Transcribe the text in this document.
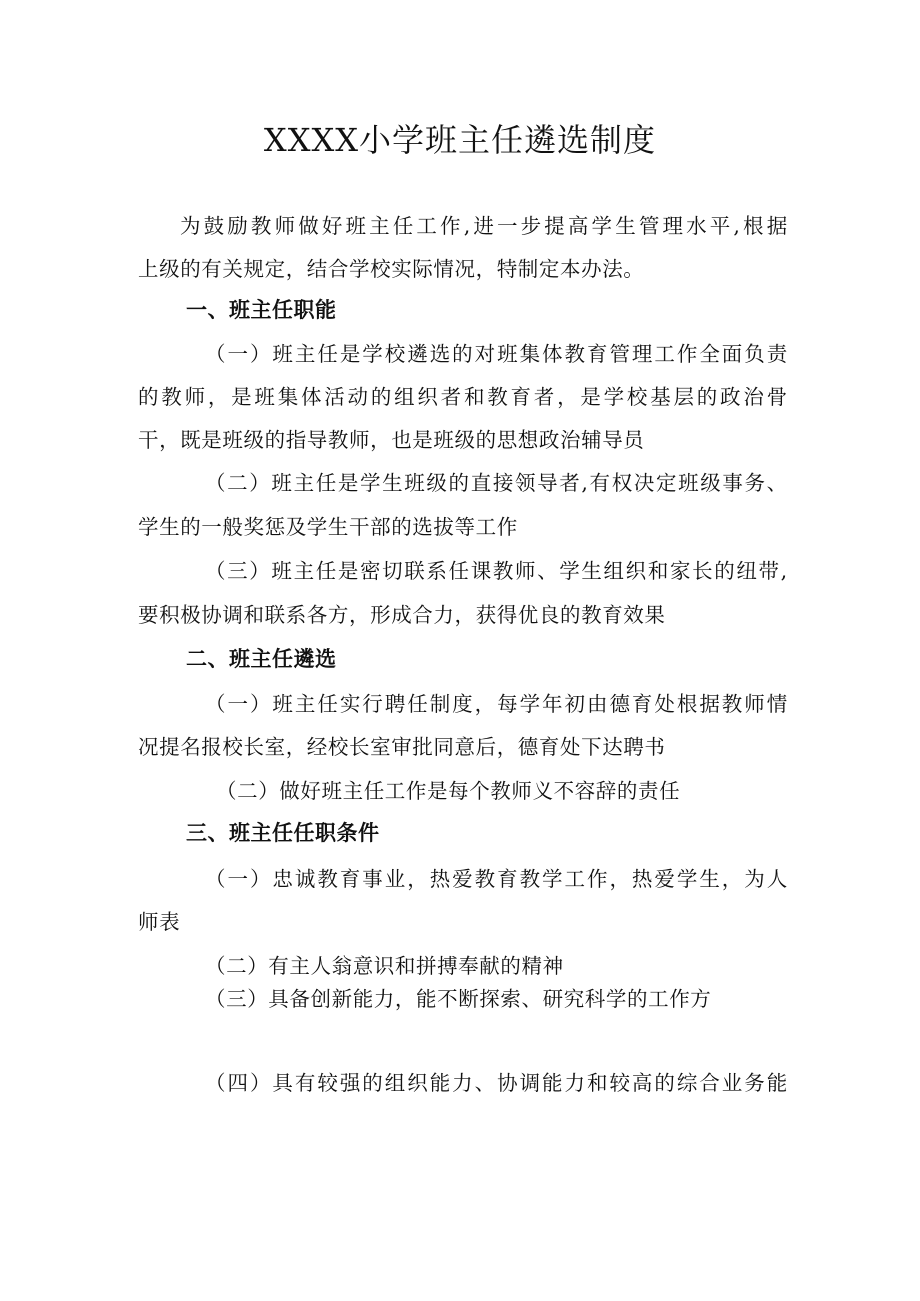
XXXX小学班主任遴选制度
为 鼓 励 教 师 做 好 班 主 任 工 作 , 进 一 步 提 高 学 生 管 理 水 平 , 根 据
上级的有关规定，结合学校实际情况，特制定本办法。
一、班主任职能
（ 一 ） 班 主 任 是 学 校 遴 选 的 对 班 集 体 教 育 管 理 工 作 全 面 负 责
的 教 师 ， 是 班 集 体 活 动 的 组 织 者 和 教 育 者 ， 是 学 校 基 层 的 政 治 骨
干，既是班级的指导教师，也是班级的思想政治辅导员
（ 二 ） 班 主 任 是 学 生 班 级 的 直 接 领 导 者 , 有 权 决 定 班 级 事 务 、
学生的一般奖惩及学生干部的选拔等工作
（ 三 ） 班 主 任 是 密 切 联 系 任 课 教 师 、 学 生 组 织 和 家 长 的 纽 带 ,
要积极协调和联系各方，形成合力，获得优良的教育效果
二、班主任遴选
（ 一 ） 班 主 任 实 行 聘 任 制 度 ， 每 学 年 初 由 德 育 处 根 据 教 师 情
况提名报校长室，经校长室审批同意后，德育处下达聘书
（二）做好班主任工作是每个教师义不容辞的责任
三、班主任任职条件
（ 一 ） 忠 诚 教 育 事 业 ， 热 爱 教 育 教 学 工 作 ， 热 爱 学 生 ， 为 人
师表
（二）有主人翁意识和拼搏奉献的精神
（三）具备创新能力，能不断探索、研究科学的工作方
（ 四 ） 具 有 较 强 的 组 织 能 力 、 协 调 能 力 和 较 高 的 综 合 业 务 能
